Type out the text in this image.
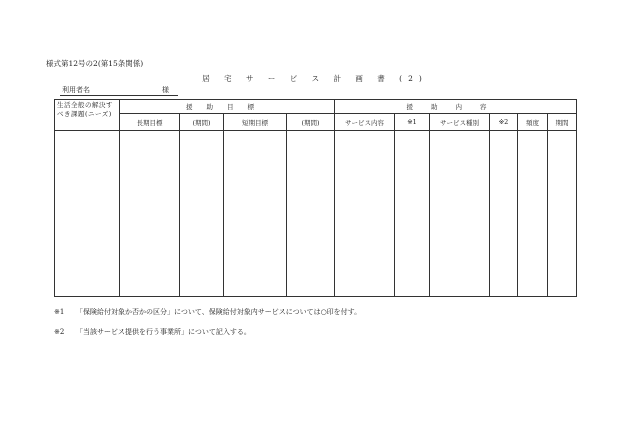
様式第12号の2(第15条関係)
居 宅 サ ー ビ ス 計 画 書 (2)
利用者名	様
生活全般の解決すべき課題(ニーズ)	援助目標				援助内容					
	長期目標	(期間)	短期目標	(期間)	サービス内容	※1	サービス種別	※2	頻度	期間

※1 「保険給付対象か否かの区分」について、保険給付対象内サービスについては○印を付す。
※2 「当該サービス提供を行う事業所」について記入する。
